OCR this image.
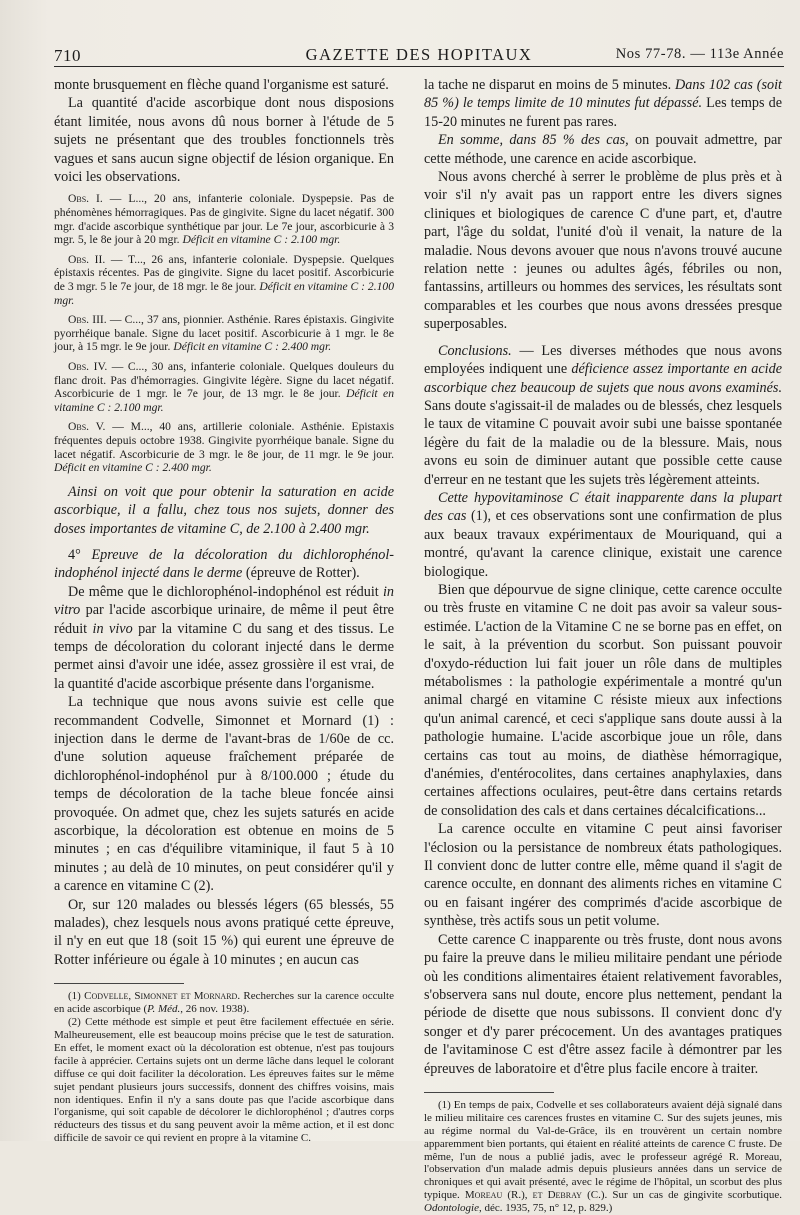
710	GAZETTE DES HOPITAUX	Nos 77-78. — 113e Année

monte brusquement en flèche quand l'organisme est saturé.

La quantité d'acide ascorbique dont nous disposions étant limitée, nous avons dû nous borner à l'étude de 5 sujets ne présentant que des troubles fonctionnels très vagues et sans aucun signe objectif de lésion organique. En voici les observations.

Obs. I. — L..., 20 ans, infanterie coloniale. Dyspepsie. Pas de phénomènes hémorragiques. Pas de gingivite. Signe du lacet négatif. 300 mgr. d'acide ascorbique synthétique par jour. Le 7e jour, ascorbicurie à 3 mgr. 5, le 8e jour à 20 mgr. Déficit en vitamine C : 2.100 mgr.

Obs. II. — T..., 26 ans, infanterie coloniale. Dyspepsie. Quelques épistaxis récentes. Pas de gingivite. Signe du lacet positif. Ascorbicurie de 3 mgr. 5 le 7e jour, de 18 mgr. le 8e jour. Déficit en vitamine C : 2.100 mgr.

Obs. III. — C..., 37 ans, pionnier. Asthénie. Rares épistaxis. Gingivite pyorrhéique banale. Signe du lacet positif. Ascorbicurie à 1 mgr. le 8e jour, à 15 mgr. le 9e jour. Déficit en vitamine C : 2.400 mgr.

Obs. IV. — C..., 30 ans, infanterie coloniale. Quelques douleurs du flanc droit. Pas d'hémorragies. Gingivite légère. Signe du lacet négatif. Ascorbicurie de 1 mgr. le 7e jour, de 13 mgr. le 8e jour. Déficit en vitamine C : 2.100 mgr.

Obs. V. — M..., 40 ans, artillerie coloniale. Asthénie. Epistaxis fréquentes depuis octobre 1938. Gingivite pyorrhéique banale. Signe du lacet négatif. Ascorbicurie de 3 mgr. le 8e jour, de 11 mgr. le 9e jour. Déficit en vitamine C : 2.400 mgr.

Ainsi on voit que pour obtenir la saturation en acide ascorbique, il a fallu, chez tous nos sujets, donner des doses importantes de vitamine C, de 2.100 à 2.400 mgr.

4° Epreuve de la décoloration du dichlorophénol-indophénol injecté dans le derme (épreuve de Rotter).

De même que le dichlorophénol-indophénol est réduit in vitro par l'acide ascorbique urinaire, de même il peut être réduit in vivo par la vitamine C du sang et des tissus. Le temps de décoloration du colorant injecté dans le derme permet ainsi d'avoir une idée, assez grossière il est vrai, de la quantité d'acide ascorbique présente dans l'organisme.

La technique que nous avons suivie est celle que recommandent Codvelle, Simonnet et Mornard (1) : injection dans le derme de l'avant-bras de 1/60e de cc. d'une solution aqueuse fraîchement préparée de dichlorophénol-indophénol pur à 8/100.000 ; étude du temps de décoloration de la tache bleue foncée ainsi provoquée. On admet que, chez les sujets saturés en acide ascorbique, la décoloration est obtenue en moins de 5 minutes ; en cas d'équilibre vitaminique, il faut 5 à 10 minutes ; au delà de 10 minutes, on peut considérer qu'il y a carence en vitamine C (2).

Or, sur 120 malades ou blessés légers (65 blessés, 55 malades), chez lesquels nous avons pratiqué cette épreuve, il n'y en eut que 18 (soit 15 %) qui eurent une épreuve de Rotter inférieure ou égale à 10 minutes ; en aucun cas

(1) Codvelle, Simonnet et Mornard. Recherches sur la carence occulte en acide ascorbique (P. Méd., 26 nov. 1938).

(2) Cette méthode est simple et peut être facilement effectuée en série. Malheureusement, elle est beaucoup moins précise que le test de saturation. En effet, le moment exact où la décoloration est obtenue, n'est pas toujours facile à apprécier. Certains sujets ont un derme lâche dans lequel le colorant diffuse ce qui doit faciliter la décoloration. Les épreuves faites sur le même sujet pendant plusieurs jours successifs, donnent des chiffres voisins, mais non identiques. Enfin il n'y a sans doute pas que l'acide ascorbique dans l'organisme, qui soit capable de décolorer le dichlorophénol ; d'autres corps réducteurs des tissus et du sang peuvent avoir la même action, et il est donc difficile de savoir ce qui revient en propre à la vitamine C.

la tache ne disparut en moins de 5 minutes. Dans 102 cas (soit 85 %) le temps limite de 10 minutes fut dépassé. Les temps de 15-20 minutes ne furent pas rares.

En somme, dans 85 % des cas, on pouvait admettre, par cette méthode, une carence en acide ascorbique.

Nous avons cherché à serrer le problème de plus près et à voir s'il n'y avait pas un rapport entre les divers signes cliniques et biologiques de carence C d'une part, et, d'autre part, l'âge du soldat, l'unité d'où il venait, la nature de la maladie. Nous devons avouer que nous n'avons trouvé aucune relation nette : jeunes ou adultes âgés, fébriles ou non, fantassins, artilleurs ou hommes des services, les résultats sont comparables et les courbes que nous avons dressées presque superposables.

Conclusions. — Les diverses méthodes que nous avons employées indiquent une déficience assez importante en acide ascorbique chez beaucoup de sujets que nous avons examinés. Sans doute s'agissait-il de malades ou de blessés, chez lesquels le taux de vitamine C pouvait avoir subi une baisse spontanée légère du fait de la maladie ou de la blessure. Mais, nous avons eu soin de diminuer autant que possible cette cause d'erreur en ne testant que les sujets très légèrement atteints.

Cette hypovitaminose C était inapparente dans la plupart des cas (1), et ces observations sont une confirmation de plus aux beaux travaux expérimentaux de Mouriquand, qui a montré, qu'avant la carence clinique, existait une carence biologique.

Bien que dépourvue de signe clinique, cette carence occulte ou très fruste en vitamine C ne doit pas avoir sa valeur sous-estimée. L'action de la Vitamine C ne se borne pas en effet, on le sait, à la prévention du scorbut. Son puissant pouvoir d'oxydo-réduction lui fait jouer un rôle dans de multiples métabolismes : la pathologie expérimentale a montré qu'un animal chargé en vitamine C résiste mieux aux infections qu'un animal carencé, et ceci s'applique sans doute aussi à la pathologie humaine. L'acide ascorbique joue un rôle, dans certains cas tout au moins, de diathèse hémorragique, d'anémies, d'entérocolites, dans certaines anaphylaxies, dans certaines affections oculaires, peut-être dans certains retards de consolidation des cals et dans certaines décalcifications...

La carence occulte en vitamine C peut ainsi favoriser l'éclosion ou la persistance de nombreux états pathologiques. Il convient donc de lutter contre elle, même quand il s'agit de carence occulte, en donnant des aliments riches en vitamine C ou en faisant ingérer des comprimés d'acide ascorbique de synthèse, très actifs sous un petit volume.

Cette carence C inapparente ou très fruste, dont nous avons pu faire la preuve dans le milieu militaire pendant une période où les conditions alimentaires étaient relativement favorables, s'observera sans nul doute, encore plus nettement, pendant la période de disette que nous subissons. Il convient donc d'y songer et d'y parer précocement. Un des avantages pratiques de l'avitaminose C est d'être assez facile à démontrer par les épreuves de laboratoire et d'être plus facile encore à traiter.

(1) En temps de paix, Codvelle et ses collaborateurs avaient déjà signalé dans le milieu militaire ces carences frustes en vitamine C. Sur des sujets jeunes, mis au régime normal du Val-de-Grâce, ils en trouvèrent un certain nombre apparemment bien portants, qui étaient en réalité atteints de carence C fruste. De même, l'un de nous a publié jadis, avec le professeur agrégé R. Moreau, l'observation d'un malade admis depuis plusieurs années dans un service de chroniques et qui avait présenté, avec le régime de l'hôpital, un scorbut des plus typique. Moreau (R.), et Debray (C.). Sur un cas de gingivite scorbutique. Odontologie, déc. 1935, 75, n° 12, p. 829.)
